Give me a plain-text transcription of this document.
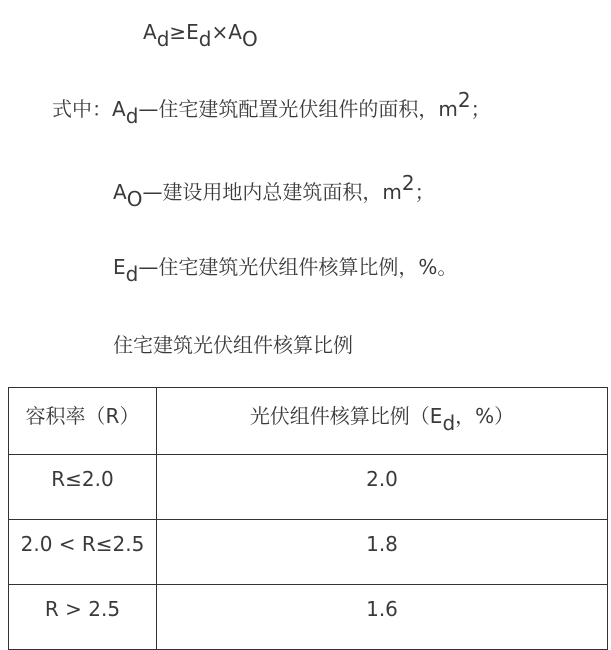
$A_d\ge E_d\times A_O$
式中：$A_d—$住宅建筑配置光伏组件的面积，$m^2$；
$A_O—$建设用地内总建筑面积，$m^2$；
$E_d—$住宅建筑光伏组件核算比例，%。
住宅建筑光伏组件核算比例
容积率（R）	光伏组件核算比例（$E_d$，%）
R≤2.0	2.0
2.0 < R≤2.5	1.8
R > 2.5	1.6
